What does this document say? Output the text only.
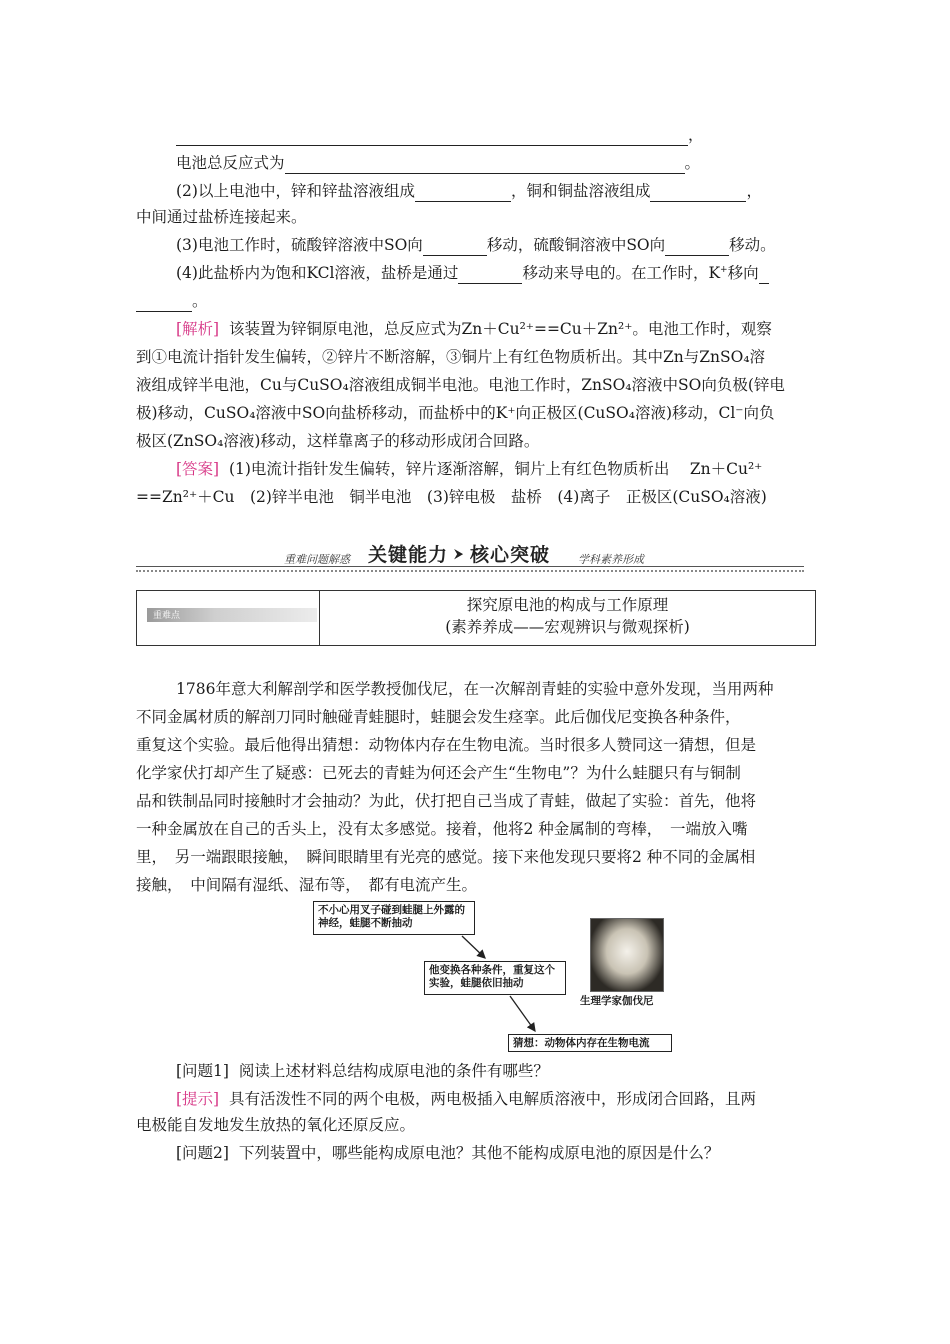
，
电池总反应式为	。
(2)以上电池中，锌和锌盐溶液组成	，铜和铜盐溶液组成	，
中间通过盐桥连接起来。
(3)电池工作时，硫酸锌溶液中SO向	移动，硫酸铜溶液中SO向	移动。
(4)此盐桥内为饱和KCl溶液，盐桥是通过	移动来导电的。在工作时，K+移向
。
[解析] 该装置为锌铜原电池，总反应式为Zn＋Cu²⁺==Cu＋Zn²⁺。电池工作时，观察
到①电流计指针发生偏转，②锌片不断溶解，③铜片上有红色物质析出。其中Zn与ZnSO₄溶
液组成锌半电池，Cu与CuSO₄溶液组成铜半电池。电池工作时，ZnSO₄溶液中SO向负极(锌电
极)移动，CuSO₄溶液中SO向盐桥移动，而盐桥中的K⁺向正极区(CuSO₄溶液)移动，Cl⁻向负
极区(ZnSO₄溶液)移动，这样靠离子的移动形成闭合回路。
[答案] (1)电流计指针发生偏转，锌片逐渐溶解，铜片上有红色物质析出　 Zn＋Cu²⁺
==Zn²⁺＋Cu　(2)锌半电池　铜半电池　(3)锌电极　盐桥　(4)离子　正极区(CuSO₄溶液)
重难问题解惑 关键能力 ⮞ 核心突破	学科素养形成
重难点
探究原电池的构成与工作原理
(素养养成——宏观辨识与微观探析)
1786年意大利解剖学和医学教授伽伐尼，在一次解剖青蛙的实验中意外发现，当用两种
不同金属材质的解剖刀同时触碰青蛙腿时，蛙腿会发生痉挛。此后伽伐尼变换各种条件，
重复这个实验。最后他得出猜想：动物体内存在生物电流。当时很多人赞同这一猜想，但是
化学家伏打却产生了疑惑：已死去的青蛙为何还会产生“生物电”？为什么蛙腿只有与铜制
品和铁制品同时接触时才会抽动？为此，伏打把自己当成了青蛙，做起了实验：首先，他将
一种金属放在自己的舌头上，没有太多感觉。接着，他将2 种金属制的弯棒，　一端放入嘴
里，　另一端跟眼接触，　瞬间眼睛里有光亮的感觉。接下来他发现只要将2 种不同的金属相
接触，　中间隔有湿纸、湿布等，　都有电流产生。
不小心用叉子碰到蛙腿上外露的神经，蛙腿不断抽动
他变换各种条件，重复这个实验，蛙腿依旧抽动
猜想：动物体内存在生物电流
生理学家伽伐尼
[问题1] 阅读上述材料总结构成原电池的条件有哪些？
[提示] 具有活泼性不同的两个电极，两电极插入电解质溶液中，形成闭合回路，且两
电极能自发地发生放热的氧化还原反应。
[问题2] 下列装置中，哪些能构成原电池？其他不能构成原电池的原因是什么？
